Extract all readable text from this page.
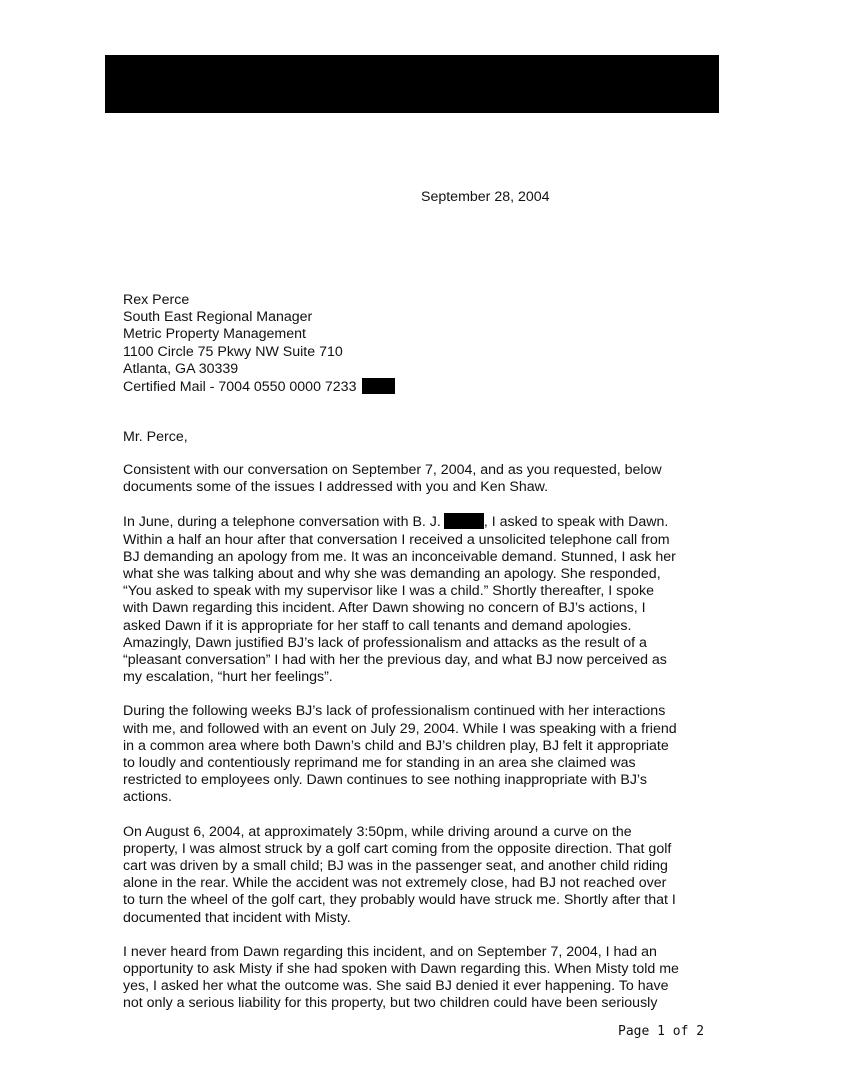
September 28, 2004
Rex Perce
South East Regional Manager
Metric Property Management
1100 Circle 75 Pkwy NW Suite 710
Atlanta, GA 30339
Certified Mail - 7004 0550 0000 7233
Mr. Perce,
Consistent with our conversation on September 7, 2004, and as you requested, below
documents some of the issues I addressed with you and Ken Shaw.
In June, during a telephone conversation with B. J.	, I asked to speak with Dawn.
Within a half an hour after that conversation I received a unsolicited telephone call from
BJ demanding an apology from me. It was an inconceivable demand. Stunned, I ask her
what she was talking about and why she was demanding an apology. She responded,
“You asked to speak with my supervisor like I was a child.” Shortly thereafter, I spoke
with Dawn regarding this incident. After Dawn showing no concern of BJ’s actions, I
asked Dawn if it is appropriate for her staff to call tenants and demand apologies.
Amazingly, Dawn justified BJ’s lack of professionalism and attacks as the result of a
“pleasant conversation” I had with her the previous day, and what BJ now perceived as
my escalation, “hurt her feelings”.
During the following weeks BJ’s lack of professionalism continued with her interactions
with me, and followed with an event on July 29, 2004. While I was speaking with a friend
in a common area where both Dawn’s child and BJ’s children play, BJ felt it appropriate
to loudly and contentiously reprimand me for standing in an area she claimed was
restricted to employees only. Dawn continues to see nothing inappropriate with BJ’s
actions.
On August 6, 2004, at approximately 3:50pm, while driving around a curve on the
property, I was almost struck by a golf cart coming from the opposite direction. That golf
cart was driven by a small child; BJ was in the passenger seat, and another child riding
alone in the rear. While the accident was not extremely close, had BJ not reached over
to turn the wheel of the golf cart, they probably would have struck me. Shortly after that I
documented that incident with Misty.
I never heard from Dawn regarding this incident, and on September 7, 2004, I had an
opportunity to ask Misty if she had spoken with Dawn regarding this. When Misty told me
yes, I asked her what the outcome was. She said BJ denied it ever happening. To have
not only a serious liability for this property, but two children could have been seriously
Page 1 of 2
